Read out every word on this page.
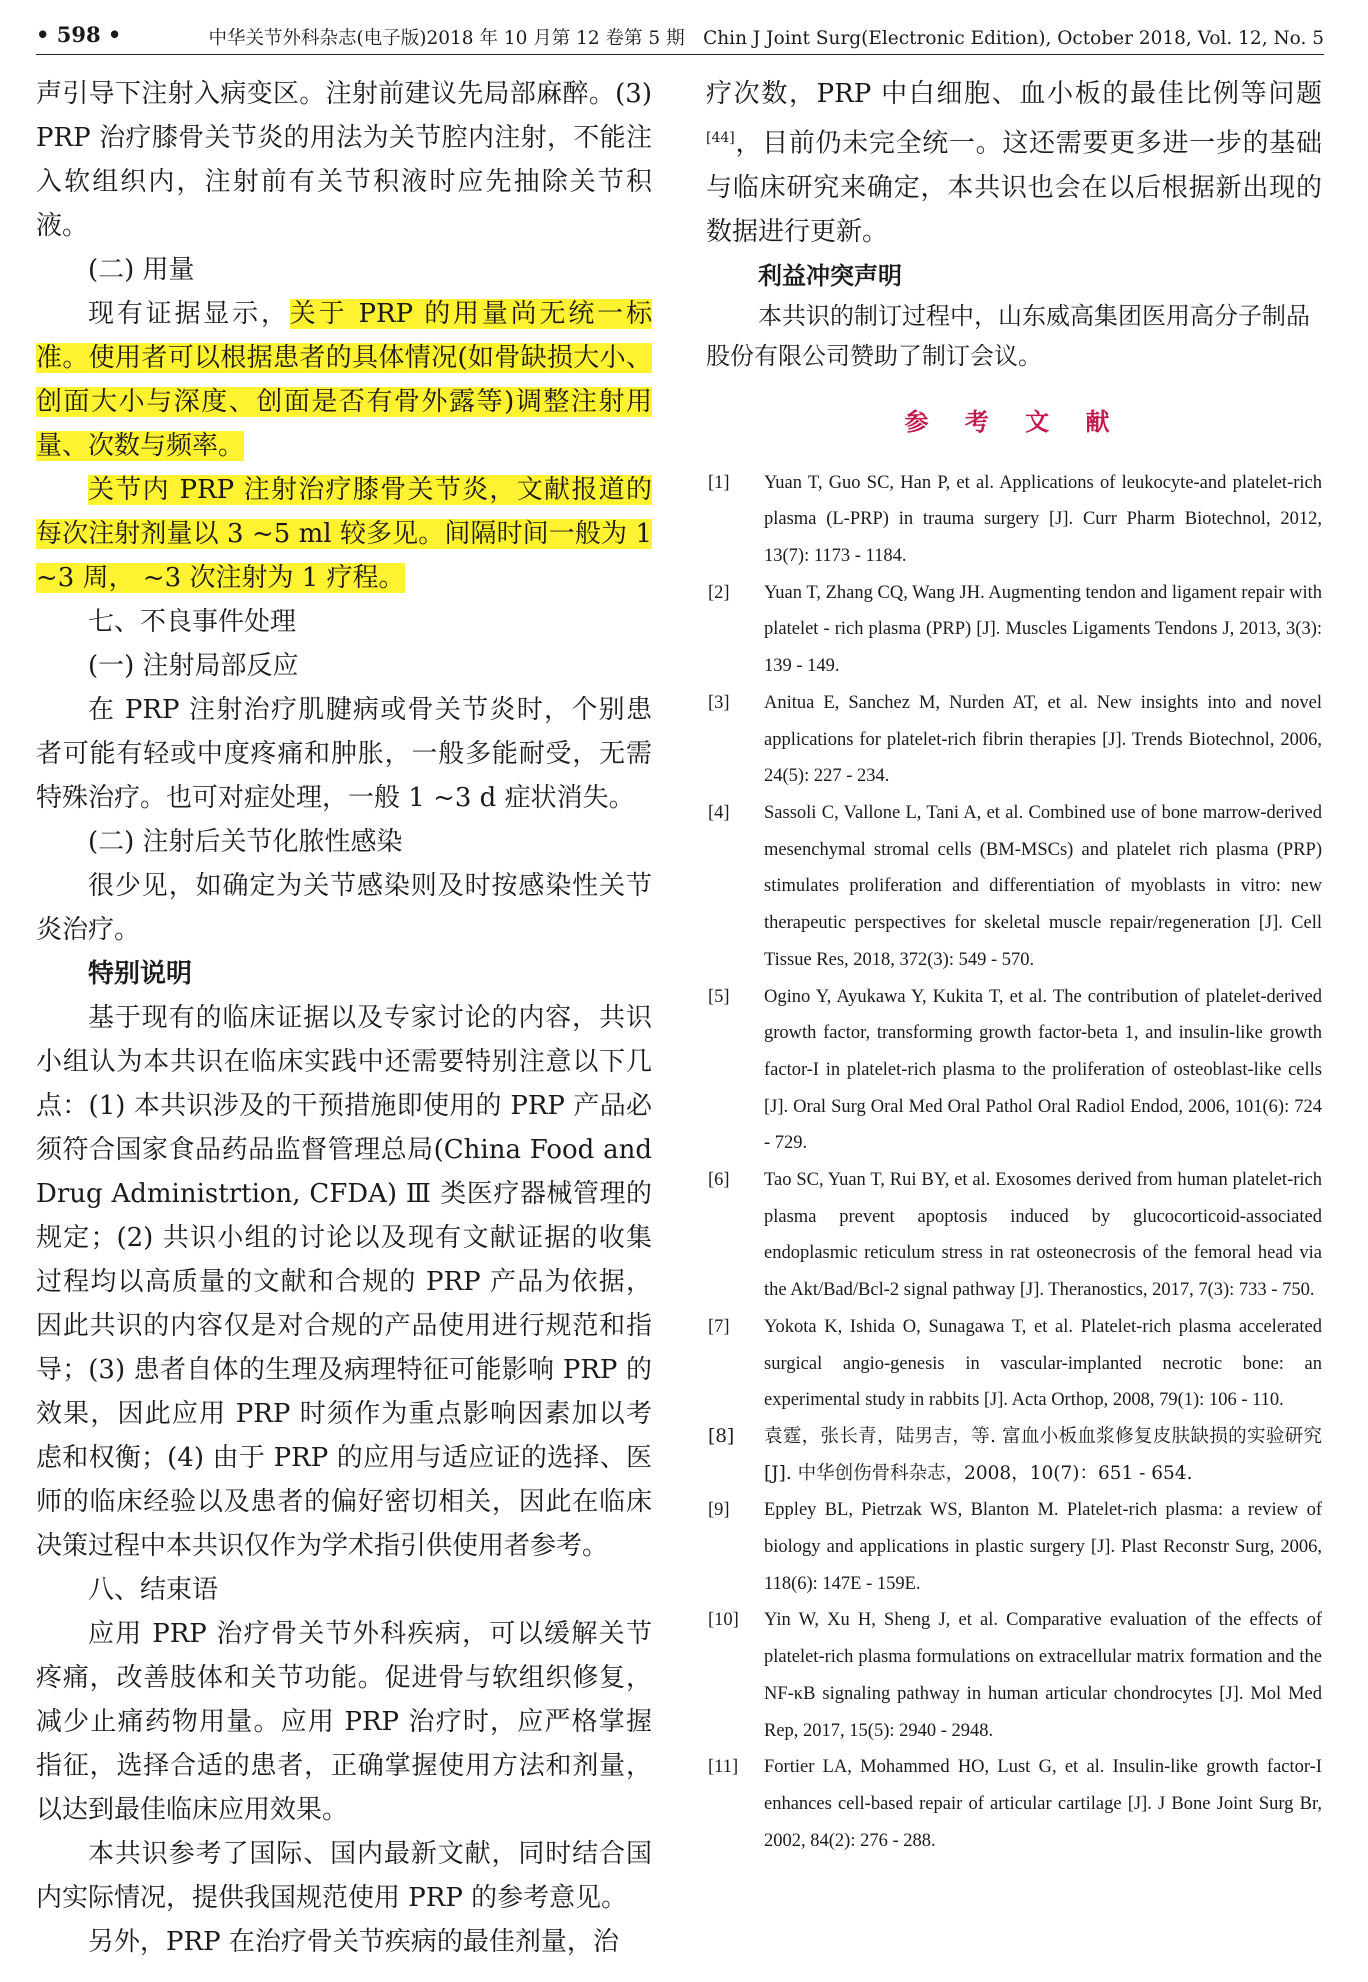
• 598 •	中华关节外科杂志(电子版)2018 年 10 月第 12 卷第 5 期　Chin J Joint Surg(Electronic Edition), October 2018, Vol. 12, No. 5

声引导下注射入病变区。注射前建议先局部麻醉。(3) PRP 治疗膝骨关节炎的用法为关节腔内注射，不能注入软组织内，注射前有关节积液时应先抽除关节积液。

(二) 用量

现有证据显示，关于 PRP 的用量尚无统一标准。使用者可以根据患者的具体情况(如骨缺损大小、创面大小与深度、创面是否有骨外露等)调整注射用量、次数与频率。

关节内 PRP 注射治疗膝骨关节炎，文献报道的每次注射剂量以 3 ~5 ml 较多见。间隔时间一般为 1 ~3 周， ~3 次注射为 1 疗程。

七、不良事件处理

(一) 注射局部反应

在 PRP 注射治疗肌腱病或骨关节炎时，个别患者可能有轻或中度疼痛和肿胀，一般多能耐受，无需特殊治疗。也可对症处理，一般 1 ~3 d 症状消失。

(二) 注射后关节化脓性感染

很少见，如确定为关节感染则及时按感染性关节炎治疗。

特别说明

基于现有的临床证据以及专家讨论的内容，共识小组认为本共识在临床实践中还需要特别注意以下几点：(1) 本共识涉及的干预措施即使用的 PRP 产品必须符合国家食品药品监督管理总局(China Food and Drug Administrtion, CFDA) Ⅲ 类医疗器械管理的规定；(2) 共识小组的讨论以及现有文献证据的收集过程均以高质量的文献和合规的 PRP 产品为依据，因此共识的内容仅是对合规的产品使用进行规范和指导；(3) 患者自体的生理及病理特征可能影响 PRP 的效果，因此应用 PRP 时须作为重点影响因素加以考虑和权衡；(4) 由于 PRP 的应用与适应证的选择、医师的临床经验以及患者的偏好密切相关，因此在临床决策过程中本共识仅作为学术指引供使用者参考。

八、结束语

应用 PRP 治疗骨关节外科疾病，可以缓解关节疼痛，改善肢体和关节功能。促进骨与软组织修复，减少止痛药物用量。应用 PRP 治疗时，应严格掌握指征，选择合适的患者，正确掌握使用方法和剂量，以达到最佳临床应用效果。

本共识参考了国际、国内最新文献，同时结合国内实际情况，提供我国规范使用 PRP 的参考意见。

另外，PRP 在治疗骨关节疾病的最佳剂量，治

疗次数，PRP 中白细胞、血小板的最佳比例等问题[44]，目前仍未完全统一。这还需要更多进一步的基础与临床研究来确定，本共识也会在以后根据新出现的数据进行更新。

利益冲突声明

本共识的制订过程中，山东威高集团医用高分子制品股份有限公司赞助了制订会议。

参 考 文 献

[1] Yuan T, Guo SC, Han P, et al. Applications of leukocyte-and platelet-rich plasma (L-PRP) in trauma surgery [J]. Curr Pharm Biotechnol, 2012, 13(7): 1173 - 1184.

[2] Yuan T, Zhang CQ, Wang JH. Augmenting tendon and ligament repair with platelet - rich plasma (PRP) [J]. Muscles Ligaments Tendons J, 2013, 3(3): 139 - 149.

[3] Anitua E, Sanchez M, Nurden AT, et al. New insights into and novel applications for platelet-rich fibrin therapies [J]. Trends Biotechnol, 2006, 24(5): 227 - 234.

[4] Sassoli C, Vallone L, Tani A, et al. Combined use of bone marrow-derived mesenchymal stromal cells (BM-MSCs) and platelet rich plasma (PRP) stimulates proliferation and differentiation of myoblasts in vitro: new therapeutic perspectives for skeletal muscle repair/regeneration [J]. Cell Tissue Res, 2018, 372(3): 549 - 570.

[5] Ogino Y, Ayukawa Y, Kukita T, et al. The contribution of platelet-derived growth factor, transforming growth factor-beta 1, and insulin-like growth factor-I in platelet-rich plasma to the proliferation of osteoblast-like cells [J]. Oral Surg Oral Med Oral Pathol Oral Radiol Endod, 2006, 101(6): 724 - 729.

[6] Tao SC, Yuan T, Rui BY, et al. Exosomes derived from human platelet-rich plasma prevent apoptosis induced by glucocorticoid-associated endoplasmic reticulum stress in rat osteonecrosis of the femoral head via the Akt/Bad/Bcl-2 signal pathway [J]. Theranostics, 2017, 7(3): 733 - 750.

[7] Yokota K, Ishida O, Sunagawa T, et al. Platelet-rich plasma accelerated surgical angio-genesis in vascular-implanted necrotic bone: an experimental study in rabbits [J]. Acta Orthop, 2008, 79(1): 106 - 110.

[8] 袁霆，张长青，陆男吉，等. 富血小板血浆修复皮肤缺损的实验研究 [J]. 中华创伤骨科杂志，2008，10(7)：651 - 654.

[9] Eppley BL, Pietrzak WS, Blanton M. Platelet-rich plasma: a review of biology and applications in plastic surgery [J]. Plast Reconstr Surg, 2006, 118(6): 147E - 159E.

[10] Yin W, Xu H, Sheng J, et al. Comparative evaluation of the effects of platelet-rich plasma formulations on extracellular matrix formation and the NF-κB signaling pathway in human articular chondrocytes [J]. Mol Med Rep, 2017, 15(5): 2940 - 2948.

[11] Fortier LA, Mohammed HO, Lust G, et al. Insulin-like growth factor-I enhances cell-based repair of articular cartilage [J]. J Bone Joint Surg Br, 2002, 84(2): 276 - 288.
